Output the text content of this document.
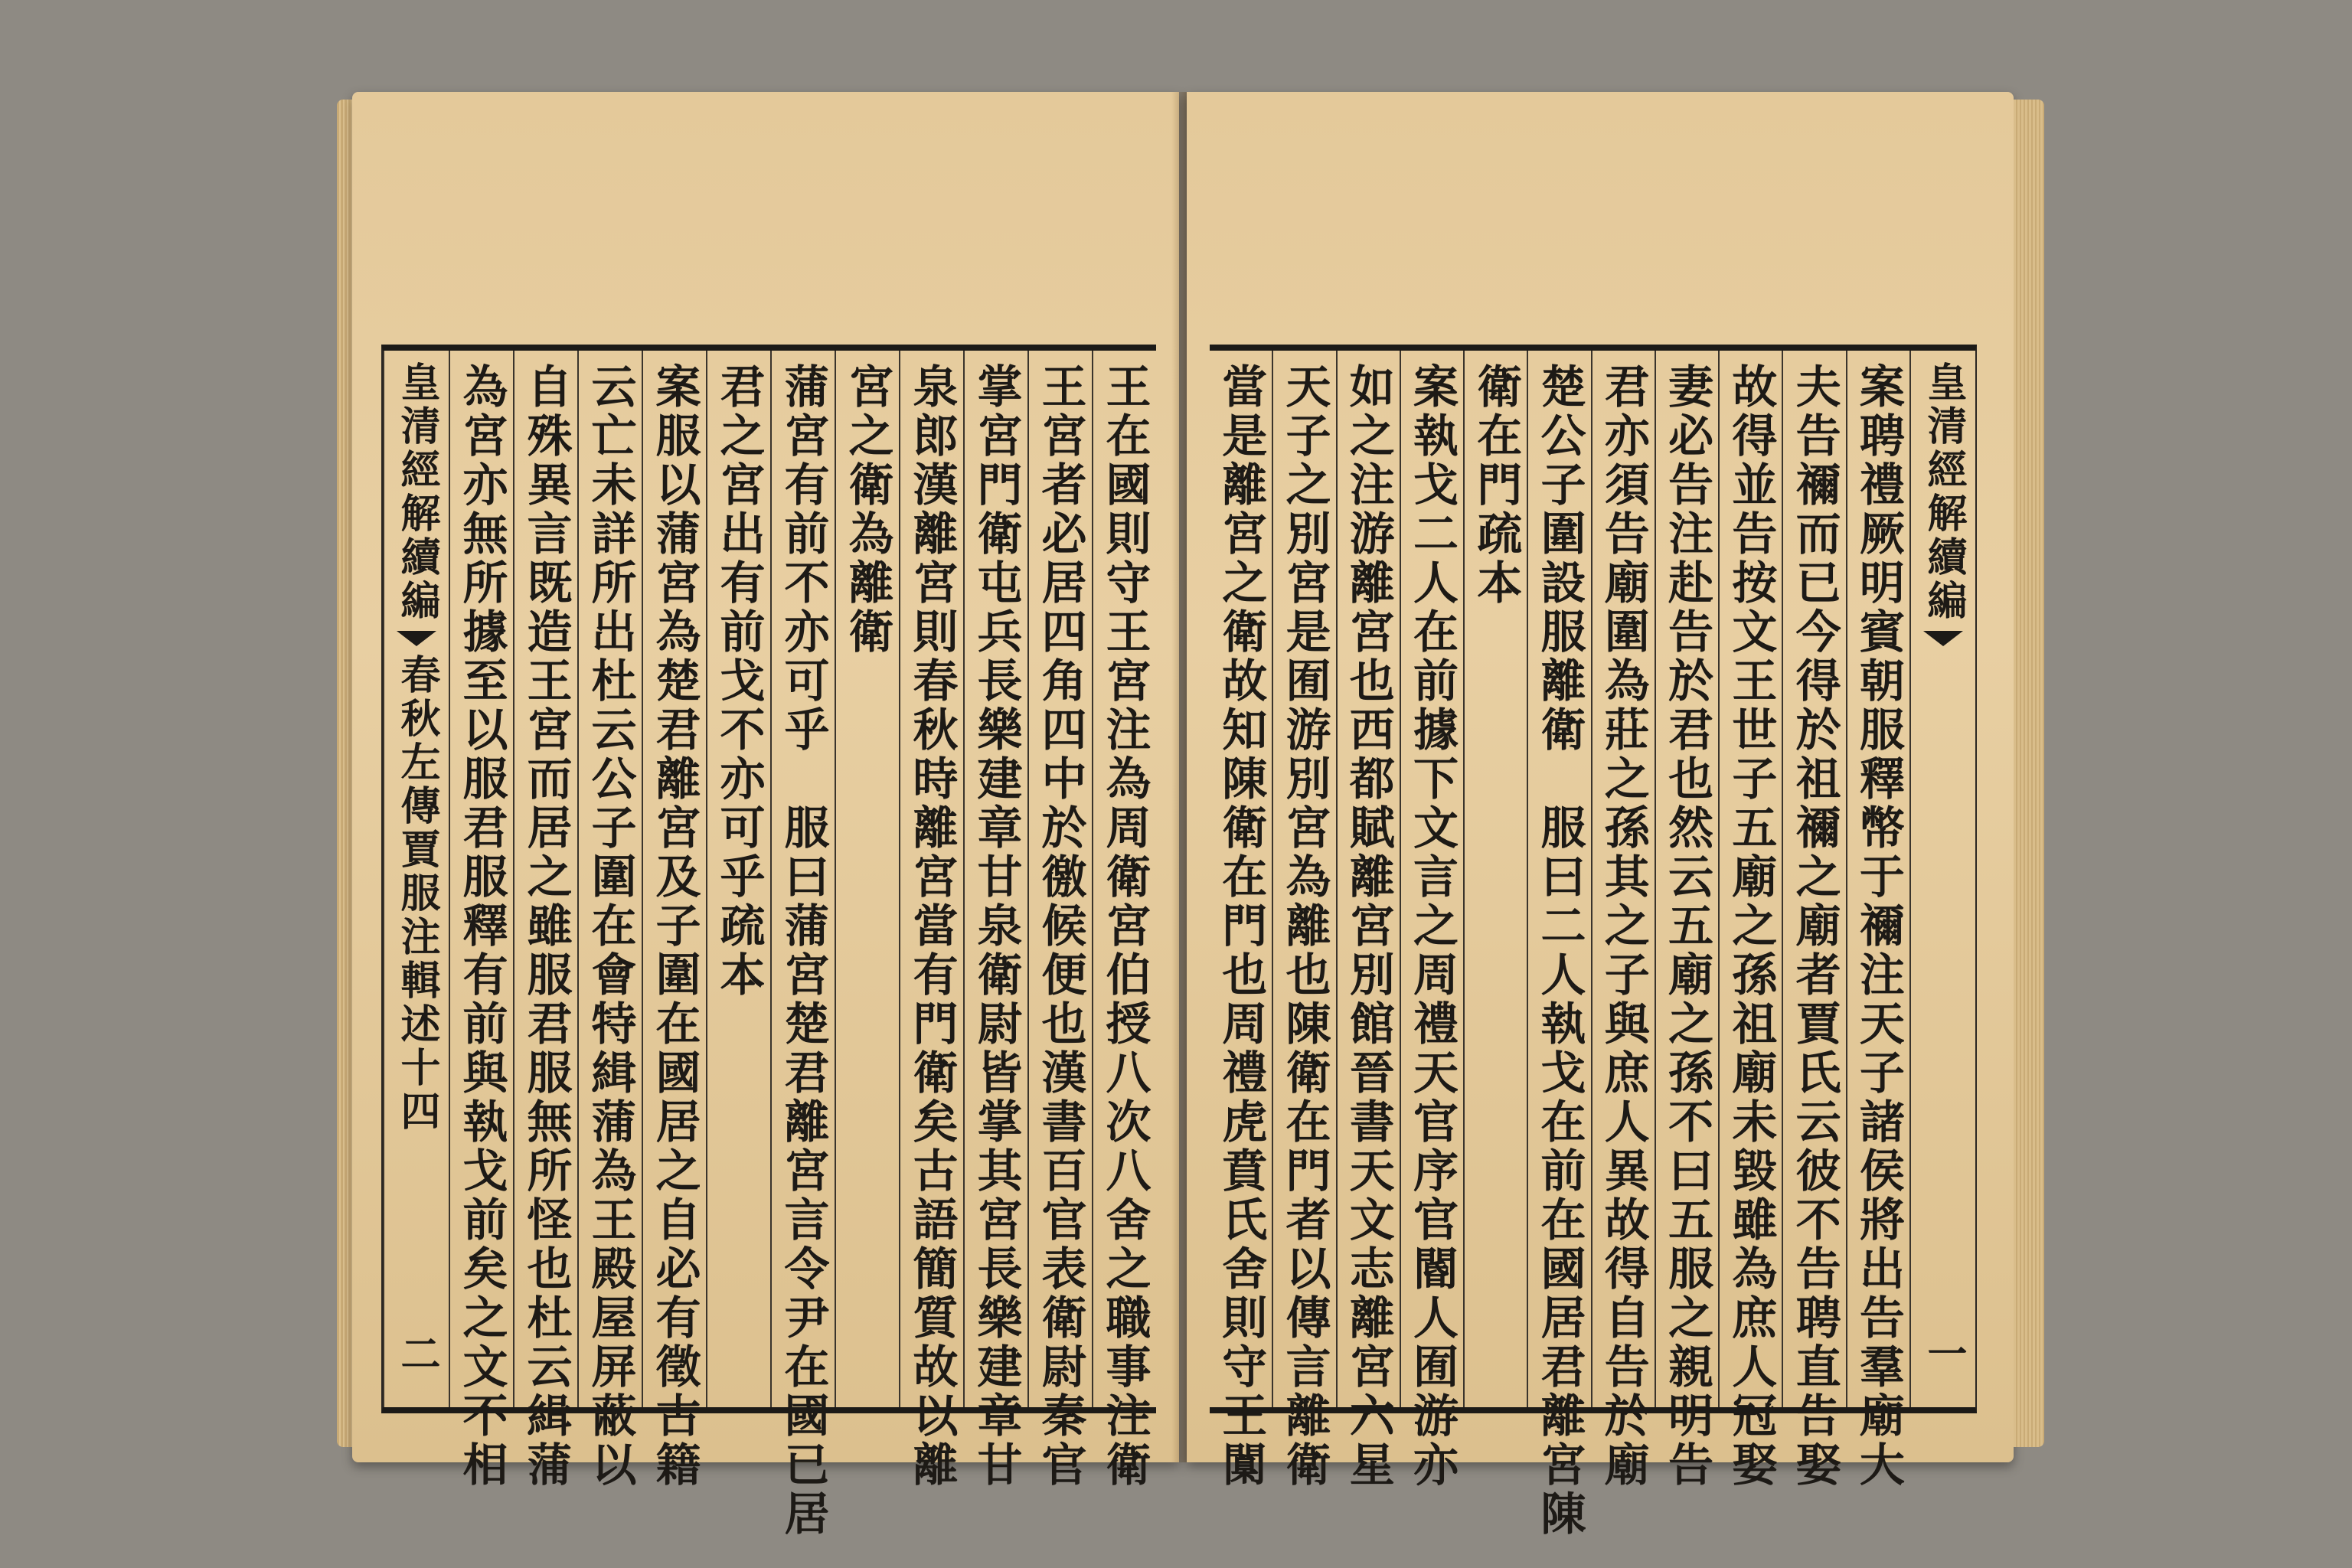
王在國則守王宮注為周衛宮伯授八次八舍之職事注衛
王宮者必居四角四中於徼候便也漢書百官表衛尉秦官
掌宮門衛屯兵長樂建章甘泉衛尉皆掌其宮長樂建章甘
泉郎漢離宮則春秋時離宮當有門衛矣古語簡質故以離
宮之衛為離衛
蒲宮有前不亦可乎　服曰蒲宮楚君離宮言令尹在國已居
君之宮出有前戈不亦可乎疏本
案服以蒲宮為楚君離宮及子圍在國居之自必有徵古籍
云亡未詳所出杜云公子圍在會特緝蒲為王殿屋屏蔽以
自殊異言既造王宮而居之雖服君服無所怪也杜云緝蒲
為宮亦無所據至以服君服釋有前與執戈前矣之文不相
皇清經解續編
春秋左傳賈服注輯述十四
二
皇清經解續編
一
案聘禮厥明賓朝服釋幣于禰注天子諸侯將出告羣廟大
夫告禰而已今得於祖禰之廟者賈氏云彼不告聘直告娶
故得並告按文王世子五廟之孫祖廟未毀雖為庶人冠娶
妻必告注赴告於君也然云五廟之孫不曰五服之親明告
君亦須告廟圍為莊之孫其之子與庶人異故得自告於廟
楚公子圍設服離衛　服曰二人執戈在前在國居君離宮陳
衛在門疏本
案執戈二人在前據下文言之周禮天官序官閽人囿游亦
如之注游離宮也西都賦離宮別館晉書天文志離宮六星
天子之別宮是囿游別宮為離也陳衛在門者以傳言離衛
當是離宮之衛故知陳衛在門也周禮虎賁氏舍則守王闑
